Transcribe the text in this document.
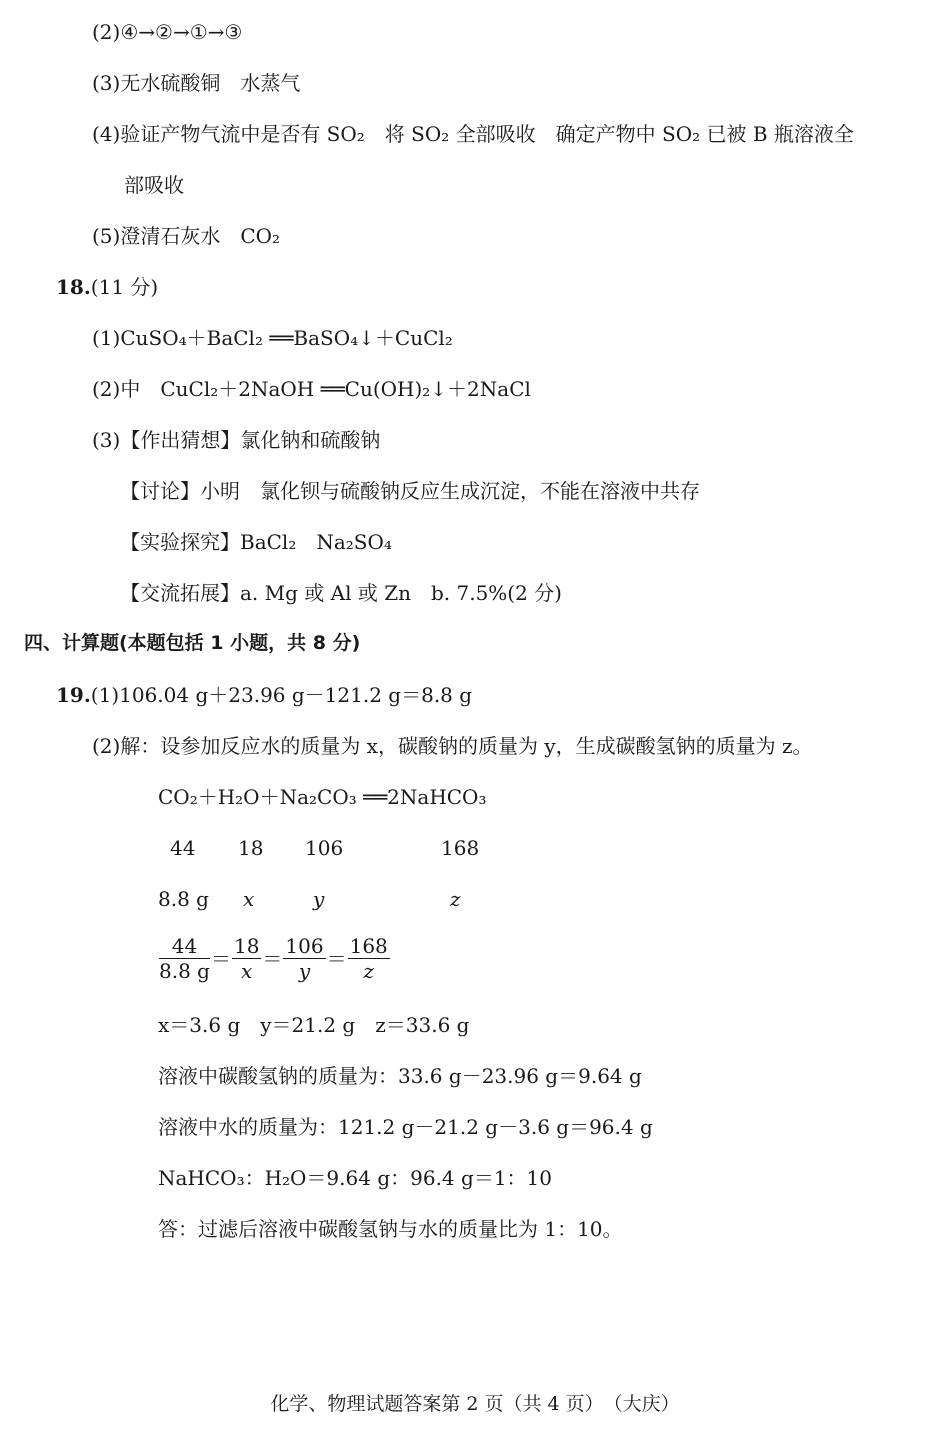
(2)④→②→①→③
(3)无水硫酸铜　水蒸气
(4)验证产物气流中是否有 SO₂　将 SO₂ 全部吸收　确定产物中 SO₂ 已被 B 瓶溶液全
部吸收
(5)澄清石灰水　CO₂
18.(11 分)
(1)CuSO₄＋BaCl₂ ══BaSO₄↓＋CuCl₂
(2)中　CuCl₂＋2NaOH ══Cu(OH)₂↓＋2NaCl
(3)【作出猜想】氯化钠和硫酸钠
【讨论】小明　氯化钡与硫酸钠反应生成沉淀，不能在溶液中共存
【实验探究】BaCl₂　Na₂SO₄
【交流拓展】a. Mg 或 Al 或 Zn　b. 7.5%(2 分)
四、计算题(本题包括 1 小题，共 8 分)
19.(1)106.04 g＋23.96 g－121.2 g＝8.8 g
(2)解：设参加反应水的质量为 x，碳酸钠的质量为 y，生成碳酸氢钠的质量为 z。
CO₂＋H₂O＋Na₂CO₃ ══2NaHCO₃
44 18 106	168
8.8 g x	y	z
$\frac{44}{8.8 g} = \frac{18}{x} = \frac{106}{y} = \frac{168}{z}$
x＝3.6 g　y＝21.2 g　z＝33.6 g
溶液中碳酸氢钠的质量为：33.6 g－23.96 g＝9.64 g
溶液中水的质量为：121.2 g－21.2 g－3.6 g＝96.4 g
NaHCO₃：H₂O＝9.64 g：96.4 g＝1：10
答：过滤后溶液中碳酸氢钠与水的质量比为 1：10。
化学、物理试题答案第 2 页（共 4 页）　（大庆）
